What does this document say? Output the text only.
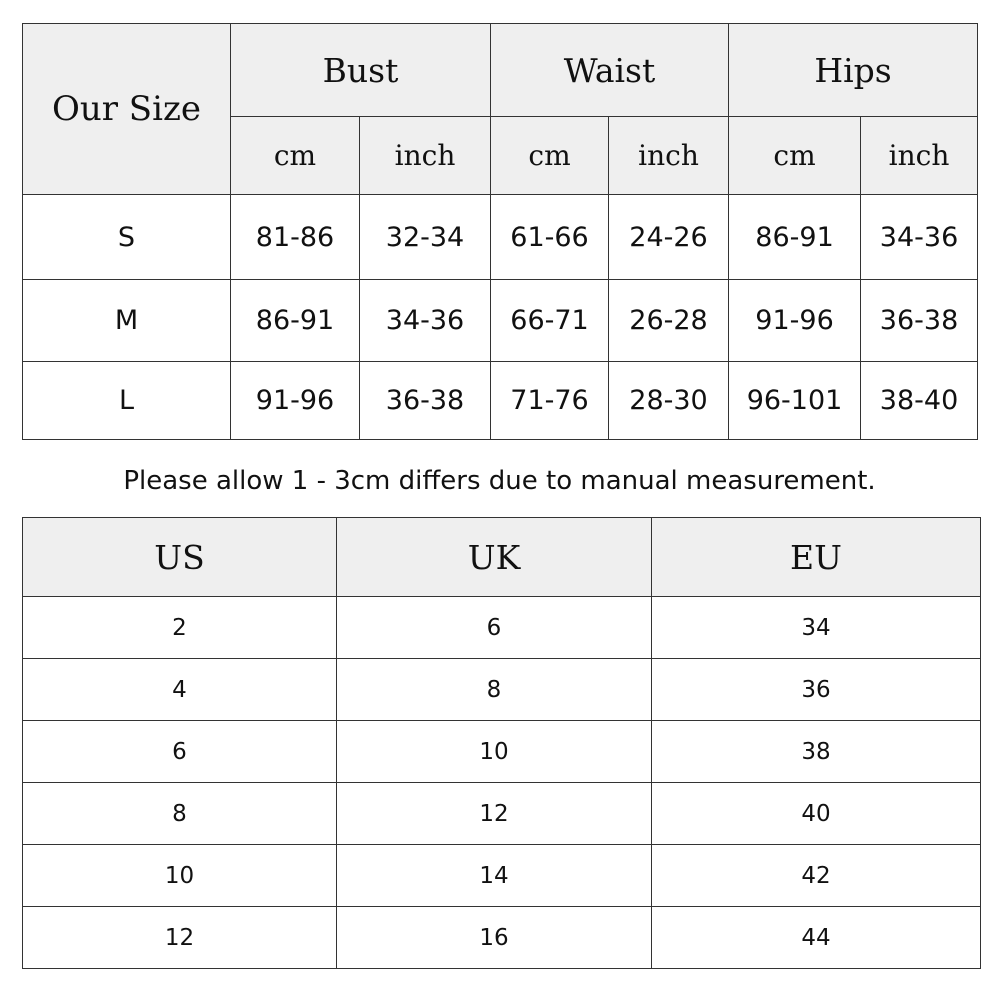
Our Size	Bust		Waist		Hips	
	cm	inch	cm	inch	cm	inch
S	81-86	32-34	61-66	24-26	86-91	34-36
M	86-91	34-36	66-71	26-28	91-96	36-38
L	91-96	36-38	71-76	28-30	96-101	38-40

Please allow 1 - 3cm differs due to manual measurement.

US	UK	EU
2	6	34
4	8	36
6	10	38
8	12	40
10	14	42
12	16	44
